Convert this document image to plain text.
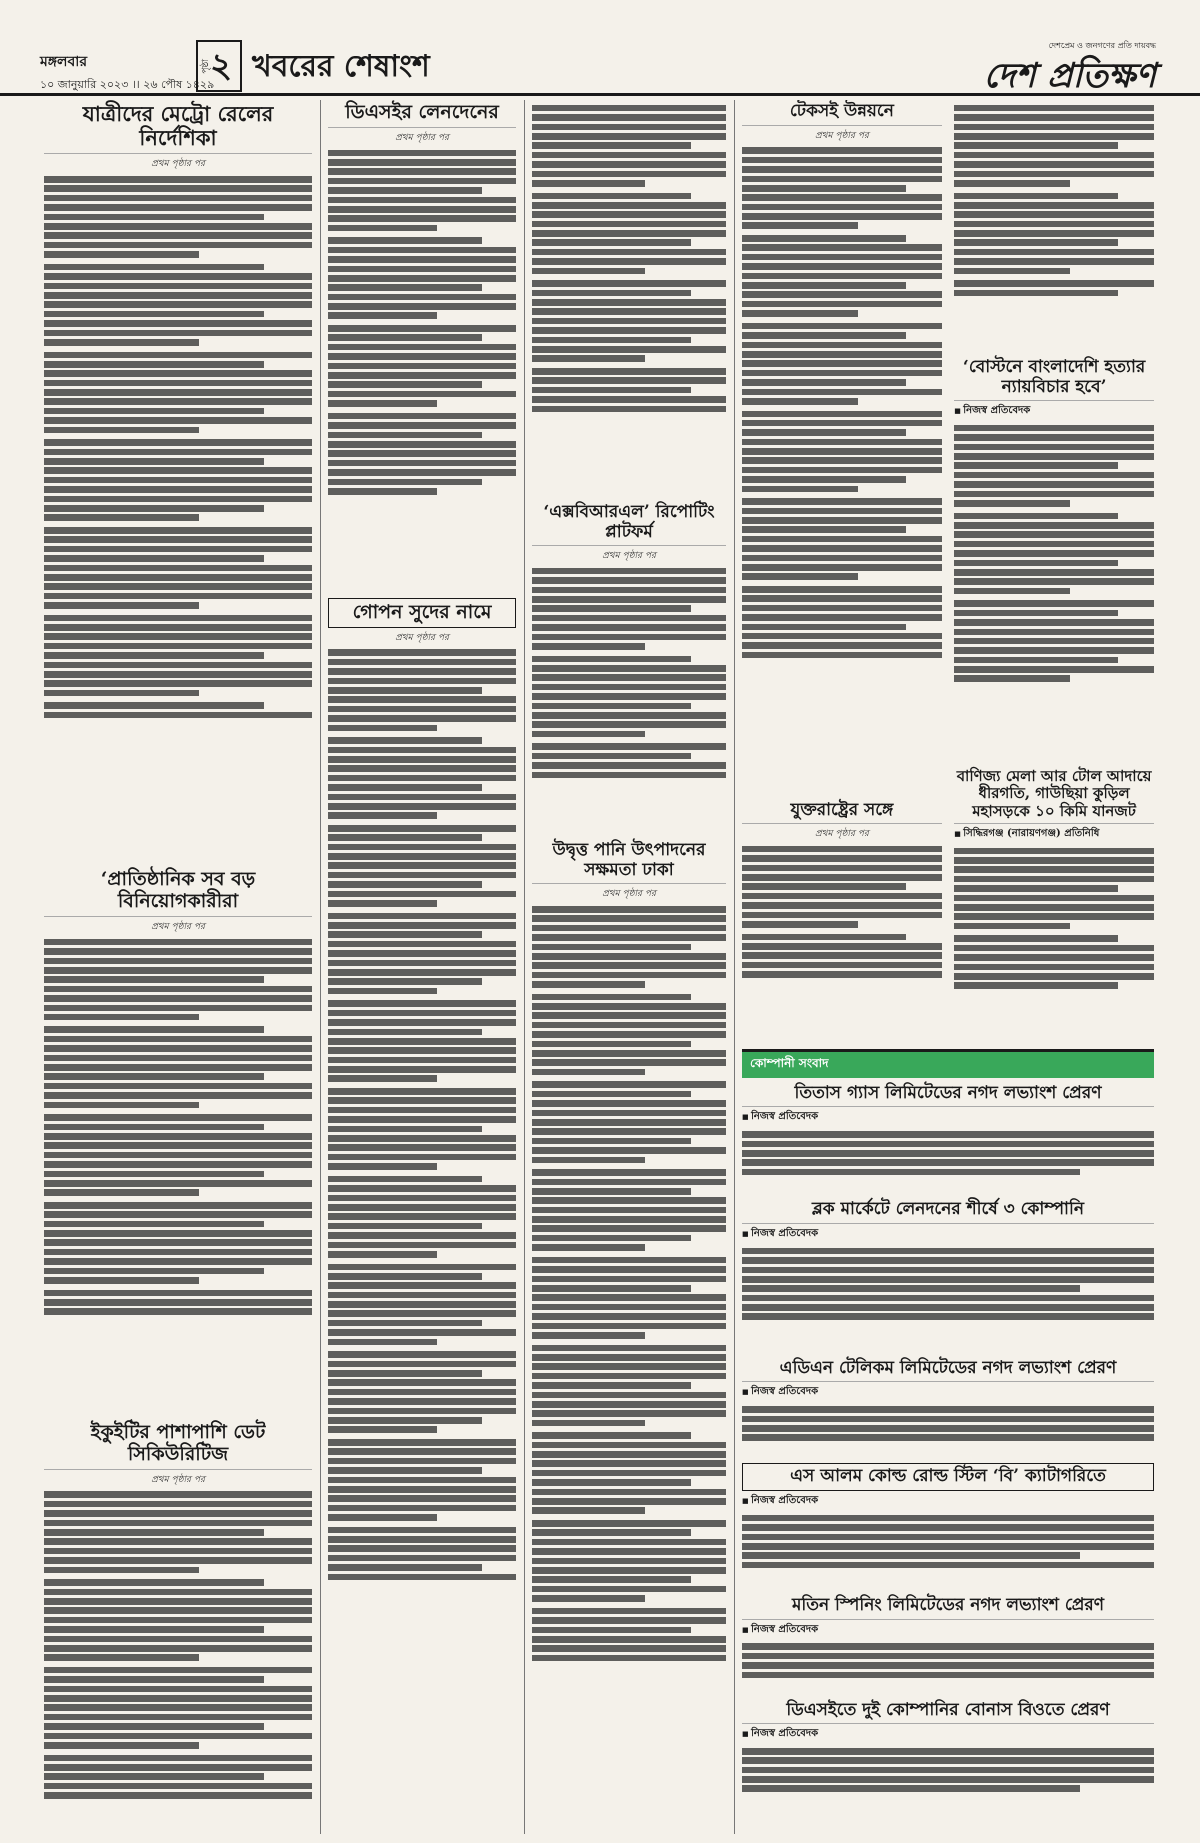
মঙ্গলবার
১০ জানুয়ারি ২০২৩ ।। ২৬ পৌষ ১৪২৯
পৃষ্ঠা ২ খবরের শেষাংশ
দেশপ্রেম ও জনগণের প্রতি দায়বদ্ধ
দেশ প্রতিক্ষণ
যাত্রীদের মেট্রো রেলের নির্দেশিকা
প্রথম পৃষ্ঠার পর
‘প্রাতিষ্ঠানিক সব বড় বিনিয়োগকারীরা
প্রথম পৃষ্ঠার পর
ইকুইটির পাশাপাশি ডেট সিকিউরিটিজ
প্রথম পৃষ্ঠার পর
ডিএসইর লেনদেনের
প্রথম পৃষ্ঠার পর
গোপন সুদের নামে
প্রথম পৃষ্ঠার পর
‘এক্সবিআরএল’ রিপোটিং প্লাটফর্ম
প্রথম পৃষ্ঠার পর
উদ্বৃত্ত পানি উৎপাদনের সক্ষমতা ঢাকা
প্রথম পৃষ্ঠার পর
টেকসই উন্নয়নে
প্রথম পৃষ্ঠার পর
যুক্তরাষ্ট্রের সঙ্গে
প্রথম পৃষ্ঠার পর
‘বোস্টনে বাংলাদেশি হত্যার ন্যায়বিচার হবে’
■ নিজস্ব প্রতিবেদক
বাণিজ্য মেলা আর টোল আদায়ে ধীরগতি, গাউছিয়া কুড়িল মহাসড়কে ১০ কিমি যানজট
■ সিদ্ধিরগঞ্জ (নারায়ণগঞ্জ) প্রতিনিধি
কোম্পানী সংবাদ
তিতাস গ্যাস লিমিটেডের নগদ লভ্যাংশ প্রেরণ
■ নিজস্ব প্রতিবেদক
ব্লক মার্কেটে লেনদনের শীর্ষে ৩ কোম্পানি
■ নিজস্ব প্রতিবেদক
এডিএন টেলিকম লিমিটেডের নগদ লভ্যাংশ প্রেরণ
■ নিজস্ব প্রতিবেদক
এস আলম কোল্ড রোল্ড স্টিল ‘বি’ ক্যাটাগরিতে
■ নিজস্ব প্রতিবেদক
মতিন স্পিনিং লিমিটেডের নগদ লভ্যাংশ প্রেরণ
■ নিজস্ব প্রতিবেদক
ডিএসইতে দুই কোম্পানির বোনাস বিওতে প্রেরণ
■ নিজস্ব প্রতিবেদক
